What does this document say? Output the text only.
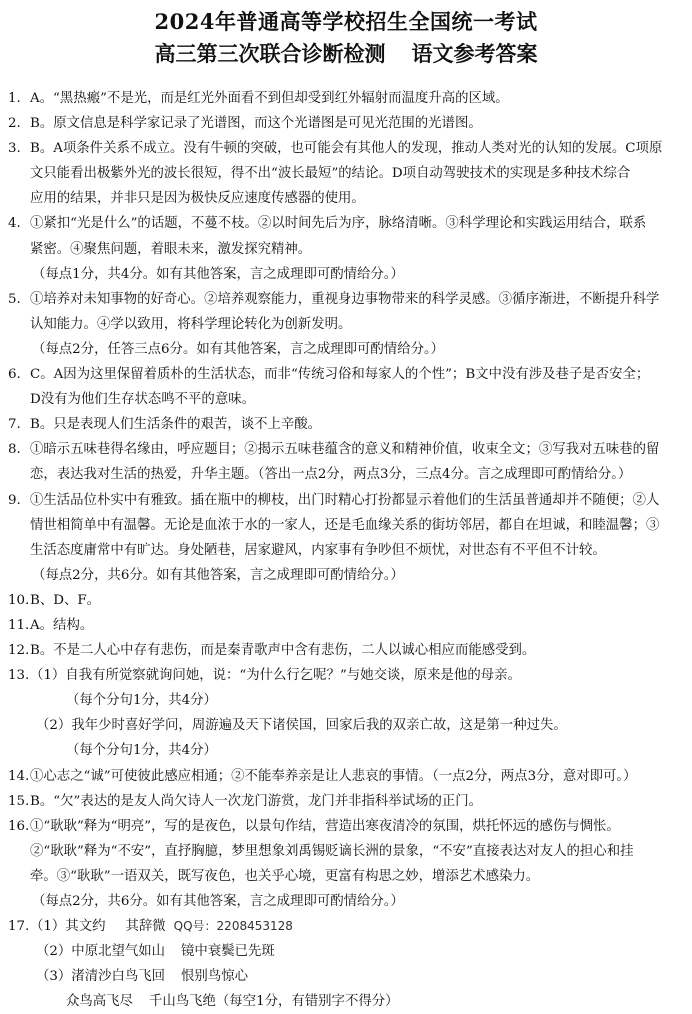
2024年普通高等学校招生全国统一考试
高三第三次联合诊断检测 语文参考答案
1. A。“黑热瘢”不是光，而是红光外面看不到但却受到红外辐射而温度升高的区域。
2. B。原文信息是科学家记录了光谱图，而这个光谱图是可见光范围的光谱图。
3. B。A项条件关系不成立。没有牛顿的突破，也可能会有其他人的发现，推动人类对光的认知的发展。C项原
文只能看出极紫外光的波长很短，得不出“波长最短”的结论。D项自动驾驶技术的实现是多种技术综合
应用的结果，并非只是因为极快反应速度传感器的使用。
4. ①紧扣“光是什么”的话题，不蔓不枝。②以时间先后为序，脉络清晰。③科学理论和实践运用结合，联系
紧密。④聚焦问题，着眼未来，激发探究精神。
（每点1分，共4分。如有其他答案，言之成理即可酌情给分。）
5. ①培养对未知事物的好奇心。②培养观察能力，重视身边事物带来的科学灵感。③循序渐进，不断提升科学
认知能力。④学以致用，将科学理论转化为创新发明。
（每点2分，任答三点6分。如有其他答案，言之成理即可酌情给分。）
6. C。A因为这里保留着质朴的生活状态，而非“传统习俗和每家人的个性”；B文中没有涉及巷子是否安全；
D没有为他们生存状态鸣不平的意味。
7. B。只是表现人们生活条件的艰苦，谈不上辛酸。
8. ①暗示五味巷得名缘由，呼应题目；②揭示五味巷蕴含的意义和精神价值，收束全文；③写我对五味巷的留
恋，表达我对生活的热爱，升华主题。（答出一点2分，两点3分，三点4分。言之成理即可酌情给分。）
9. ①生活品位朴实中有雅致。插在瓶中的柳枝，出门时精心打扮都显示着他们的生活虽普通却并不随便；②人
情世相简单中有温馨。无论是血浓于水的一家人，还是毛血缘关系的街坊邻居，都自在坦诚，和睦温馨；③
生活态度庸常中有旷达。身处陋巷，居家避风，内家事有争吵但不烦忧，对世态有不平但不计较。
（每点2分，共6分。如有其他答案，言之成理即可酌情给分。）
10. B、D、F。
11. A。结构。
12. B。不是二人心中存有悲伤，而是秦青歌声中含有悲伤，二人以诚心相应而能感受到。
13. （1）自我有所觉察就询问她，说：“为什么行乞呢？”与她交谈，原来是他的母亲。
（每个分句1分，共4分）
（2）我年少时喜好学问，周游遍及天下诸侯国，回家后我的双亲亡故，这是第一种过失。
（每个分句1分，共4分）
14. ①心志之“诚”可使彼此感应相通；②不能奉养亲是让人悲哀的事情。（一点2分，两点3分，意对即可。）
15. B。“欠”表达的是友人尚欠诗人一次龙门游赏，龙门并非指科举试场的正门。
16. ①“耿耿”释为“明亮”，写的是夜色，以景句作结，营造出寒夜清冷的氛围，烘托怀远的感伤与惆怅。
②“耿耿”释为“不安”，直抒胸臆，梦里想象刘禹锡贬谪长洲的景象，“不安”直接表达对友人的担心和挂
牵。③“耿耿”一语双关，既写夜色，也关乎心境，更富有构思之妙，增添艺术感染力。
（每点2分，共6分。如有其他答案，言之成理即可酌情给分。）
17. （1）其文约 其辞微 QQ号：2208453128
（2）中原北望气如山 镜中衰鬓已先斑
（3）渚清沙白鸟飞回 恨别鸟惊心
众鸟高飞尽 千山鸟飞绝（每空1分，有错别字不得分）
